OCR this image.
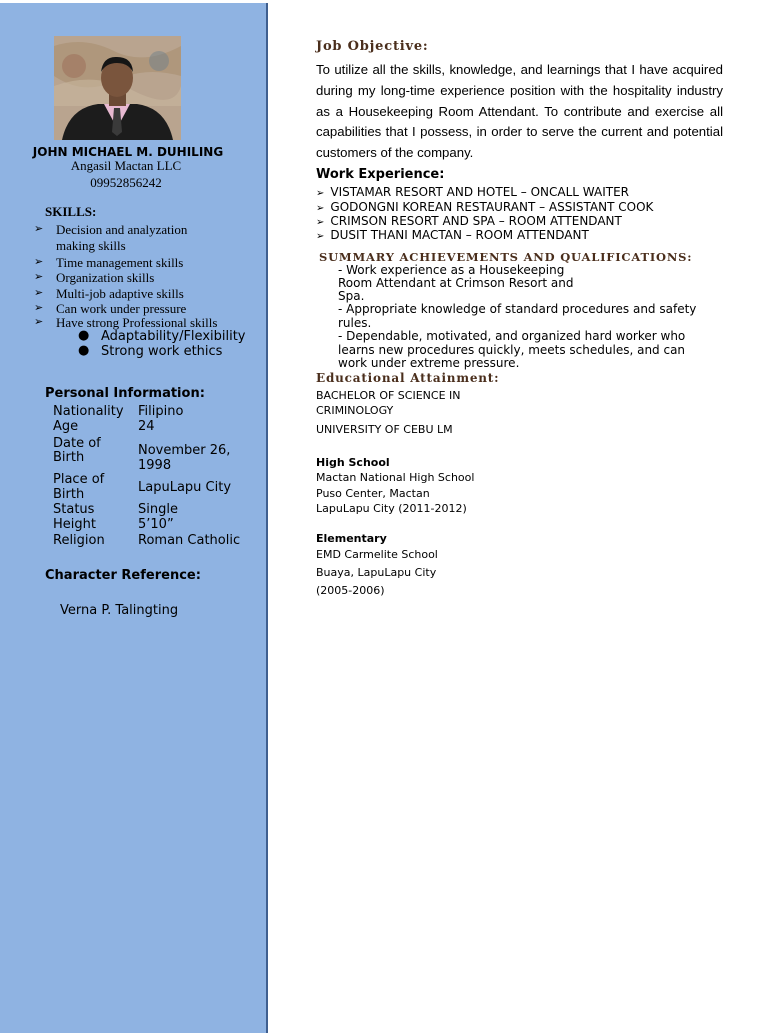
JOHN MICHAEL M. DUHILING
Angasil Mactan LLC
09952856242
SKILLS:
➢ Decision and analyzation
making skills
➢ Time management skills
➢ Organization skills
➢ Multi-job adaptive skills
➢ Can work under pressure
➢ Have strong Professional skills
● Adaptability/Flexibility
● Strong work ethics
Personal Information:
Nationality Filipino
Age	24
Date of
Birth	November 26,
1998
Place of
Birth	LapuLapu City
Status	Single
Height	5’10”
Religion	Roman Catholic
Character Reference:
Verna P. Talingting
Job Objective:
To utilize all the skills, knowledge, and learnings that I have acquired during my long-time experience position with the hospitality industry as a Housekeeping Room Attendant. To contribute and exercise all capabilities that I possess, in order to serve the current and potential customers of the company.
Work Experience:
➢ VISTAMAR RESORT AND HOTEL – ONCALL WAITER
➢ GODONGNI KOREAN RESTAURANT – ASSISTANT COOK
➢ CRIMSON RESORT AND SPA – ROOM ATTENDANT
➢ DUSIT THANI MACTAN – ROOM ATTENDANT
SUMMARY ACHIEVEMENTS AND QUALIFICATIONS:
- Work experience as a Housekeeping
Room Attendant at Crimson Resort and
Spa.
- Appropriate knowledge of standard procedures and safety
rules.
- Dependable, motivated, and organized hard worker who
learns new procedures quickly, meets schedules, and can
work under extreme pressure.
Educational Attainment:
BACHELOR OF SCIENCE IN
CRIMINOLOGY
UNIVERSITY OF CEBU LM
High School
Mactan National High School
Puso Center, Mactan
LapuLapu City (2011-2012)
Elementary
EMD Carmelite School
Buaya, LapuLapu City
(2005-2006)
